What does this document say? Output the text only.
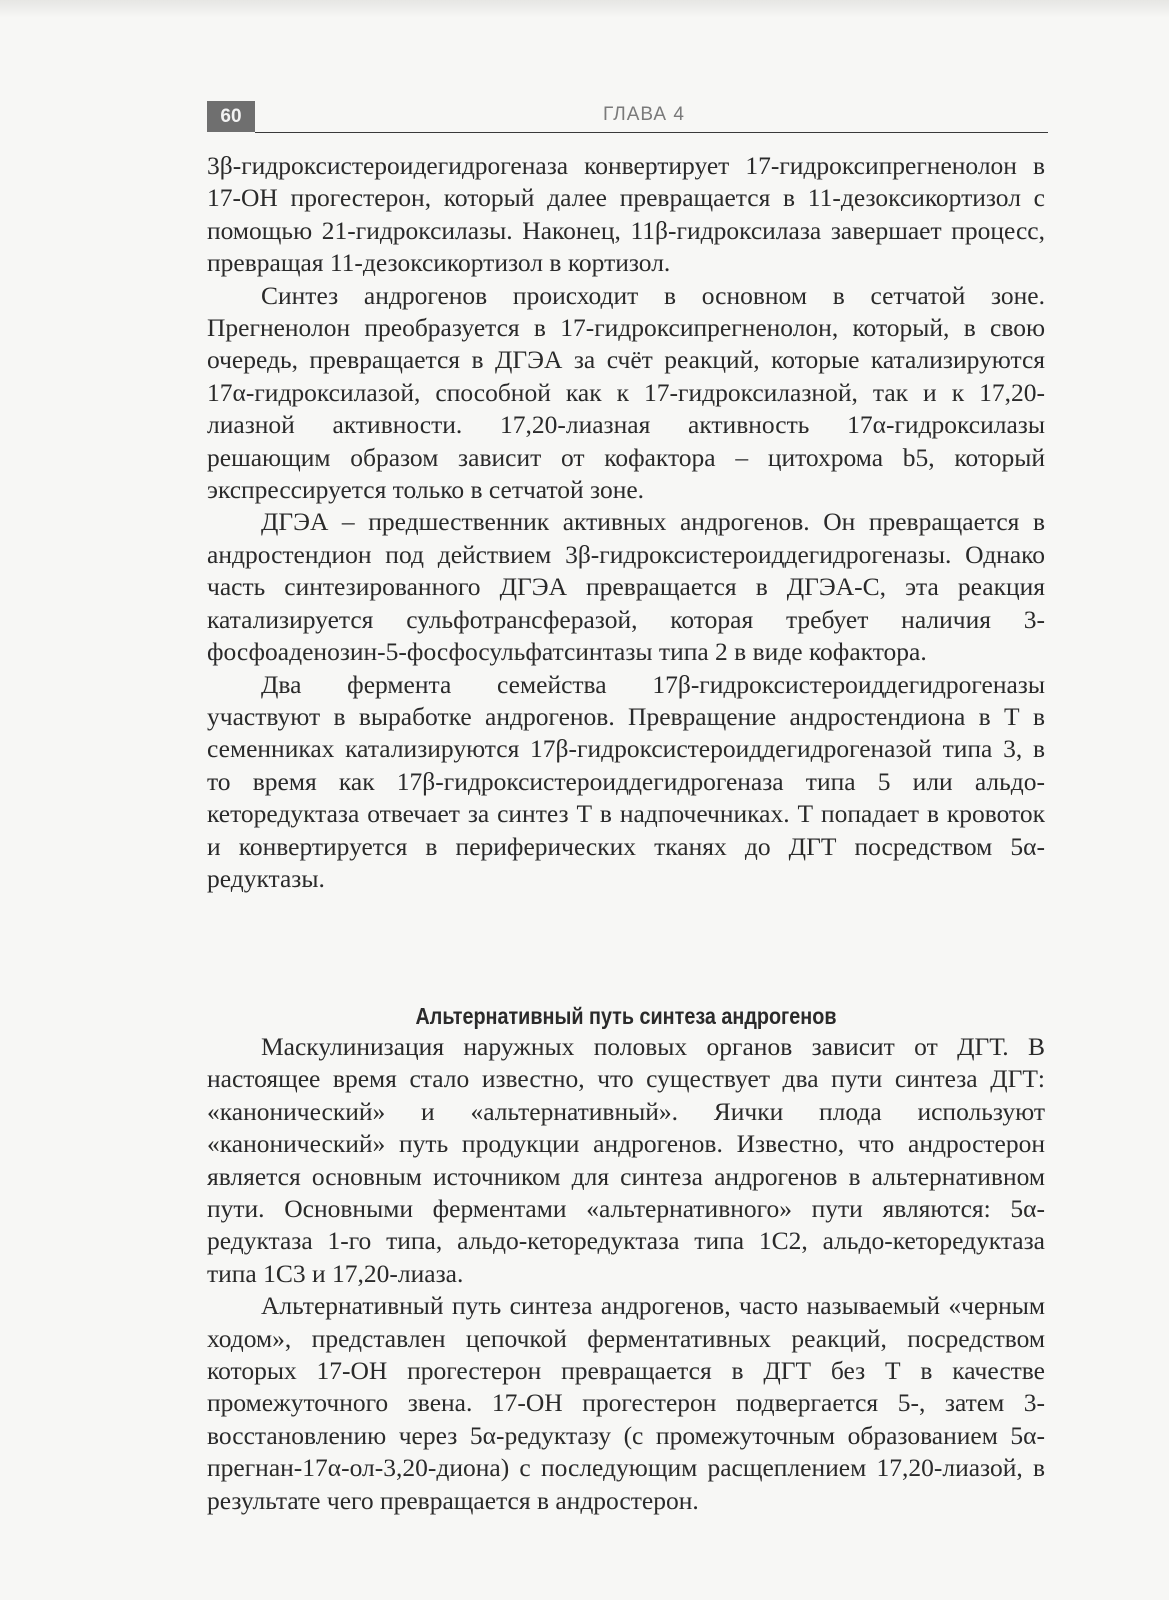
60	ГЛАВА 4

3β-гидроксистероидегидрогеназа конвертирует 17-гидроксипрегненолон в 17-OH прогестерон, который далее превращается в 11-дезоксикортизол с помощью 21-гидроксилазы. Наконец, 11β-гидроксилаза завершает процесс, превращая 11-дезоксикортизол в кортизол.

Синтез андрогенов происходит в основном в сетчатой зоне. Прегненолон преобразуется в 17-гидроксипрегненолон, который, в свою очередь, превращается в ДГЭА за счёт реакций, которые катализируются 17α-гидроксилазой, способной как к 17-гидроксилазной, так и к 17,20-лиазной активности. 17,20-лиазная активность 17α-гидроксилазы решающим образом зависит от кофактора – цитохрома b5, который экспрессируется только в сетчатой зоне.

ДГЭА – предшественник активных андрогенов. Он превращается в андростендион под действием 3β-гидроксистероиддегидрогеназы. Однако часть синтезированного ДГЭА превращается в ДГЭА-С, эта реакция катализируется сульфотрансферазой, которая требует наличия 3-фосфоаденозин-5-фосфосульфатсинтазы типа 2 в виде кофактора.

Два фермента семейства 17β-гидроксистероиддегидрогеназы участвуют в выработке андрогенов. Превращение андростендиона в Т в семенниках катализируются 17β-гидроксистероиддегидрогеназой типа 3, в то время как 17β-гидроксистероиддегидрогеназа типа 5 или альдо-кеторедуктаза отвечает за синтез Т в надпочечниках. Т попадает в кровоток и конвертируется в периферических тканях до ДГТ посредством 5α-редуктазы.

Альтернативный путь синтеза андрогенов

Маскулинизация наружных половых органов зависит от ДГТ. В настоящее время стало известно, что существует два пути синтеза ДГТ: «канонический» и «альтернативный». Яички плода используют «канонический» путь продукции андрогенов. Известно, что андростерон является основным источником для синтеза андрогенов в альтернативном пути. Основными ферментами «альтернативного» пути являются: 5α-редуктаза 1-го типа, альдо-кеторедуктаза типа 1С2, альдо-кеторедуктаза типа 1С3 и 17,20-лиаза.

Альтернативный путь синтеза андрогенов, часто называемый «черным ходом», представлен цепочкой ферментативных реакций, посредством которых 17-OH прогестерон превращается в ДГТ без Т в качестве промежуточного звена. 17-OH прогестерон подвергается 5-, затем 3-восстановлению через 5α-редуктазу (с промежуточным образованием 5α-прегнан-17α-ол-3,20-диона) с последующим расщеплением 17,20-лиазой, в результате чего превращается в андростерон.
